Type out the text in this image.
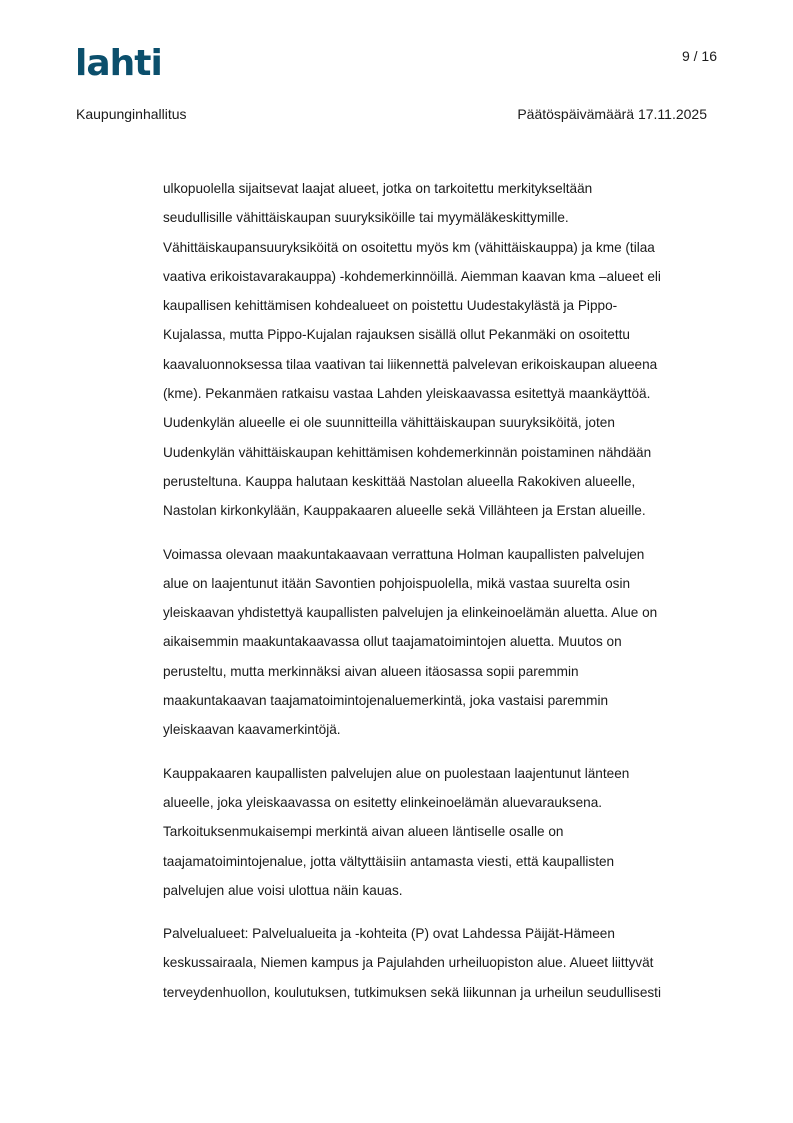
lahti	9 / 16
Kaupunginhallitus	Päätöspäivämäärä 17.11.2025
ulkopuolella sijaitsevat laajat alueet, jotka on tarkoitettu merkitykseltään
seudullisille vähittäiskaupan suuryksiköille tai myymäläkeskittymille.
Vähittäiskaupansuuryksiköitä on osoitettu myös km (vähittäiskauppa) ja kme (tilaa
vaativa erikoistavarakauppa) -kohdemerkinnöillä. Aiemman kaavan kma –alueet eli
kaupallisen kehittämisen kohdealueet on poistettu Uudestakylästä ja Pippo-
Kujalassa, mutta Pippo-Kujalan rajauksen sisällä ollut Pekanmäki on osoitettu
kaavaluonnoksessa tilaa vaativan tai liikennettä palvelevan erikoiskaupan alueena
(kme). Pekanmäen ratkaisu vastaa Lahden yleiskaavassa esitettyä maankäyttöä.
Uudenkylän alueelle ei ole suunnitteilla vähittäiskaupan suuryksiköitä, joten
Uudenkylän vähittäiskaupan kehittämisen kohdemerkinnän poistaminen nähdään
perusteltuna. Kauppa halutaan keskittää Nastolan alueella Rakokiven alueelle,
Nastolan kirkonkylään, Kauppakaaren alueelle sekä Villähteen ja Erstan alueille.
Voimassa olevaan maakuntakaavaan verrattuna Holman kaupallisten palvelujen
alue on laajentunut itään Savontien pohjoispuolella, mikä vastaa suurelta osin
yleiskaavan yhdistettyä kaupallisten palvelujen ja elinkeinoelämän aluetta. Alue on
aikaisemmin maakuntakaavassa ollut taajamatoimintojen aluetta. Muutos on
perusteltu, mutta merkinnäksi aivan alueen itäosassa sopii paremmin
maakuntakaavan taajamatoimintojenaluemerkintä, joka vastaisi paremmin
yleiskaavan kaavamerkintöjä.
Kauppakaaren kaupallisten palvelujen alue on puolestaan laajentunut länteen
alueelle, joka yleiskaavassa on esitetty elinkeinoelämän aluevarauksena.
Tarkoituksenmukaisempi merkintä aivan alueen läntiselle osalle on
taajamatoimintojenalue, jotta vältyttäisiin antamasta viesti, että kaupallisten
palvelujen alue voisi ulottua näin kauas.
Palvelualueet: Palvelualueita ja -kohteita (P) ovat Lahdessa Päijät-Hämeen
keskussairaala, Niemen kampus ja Pajulahden urheiluopiston alue. Alueet liittyvät
terveydenhuollon, koulutuksen, tutkimuksen sekä liikunnan ja urheilun seudullisesti
